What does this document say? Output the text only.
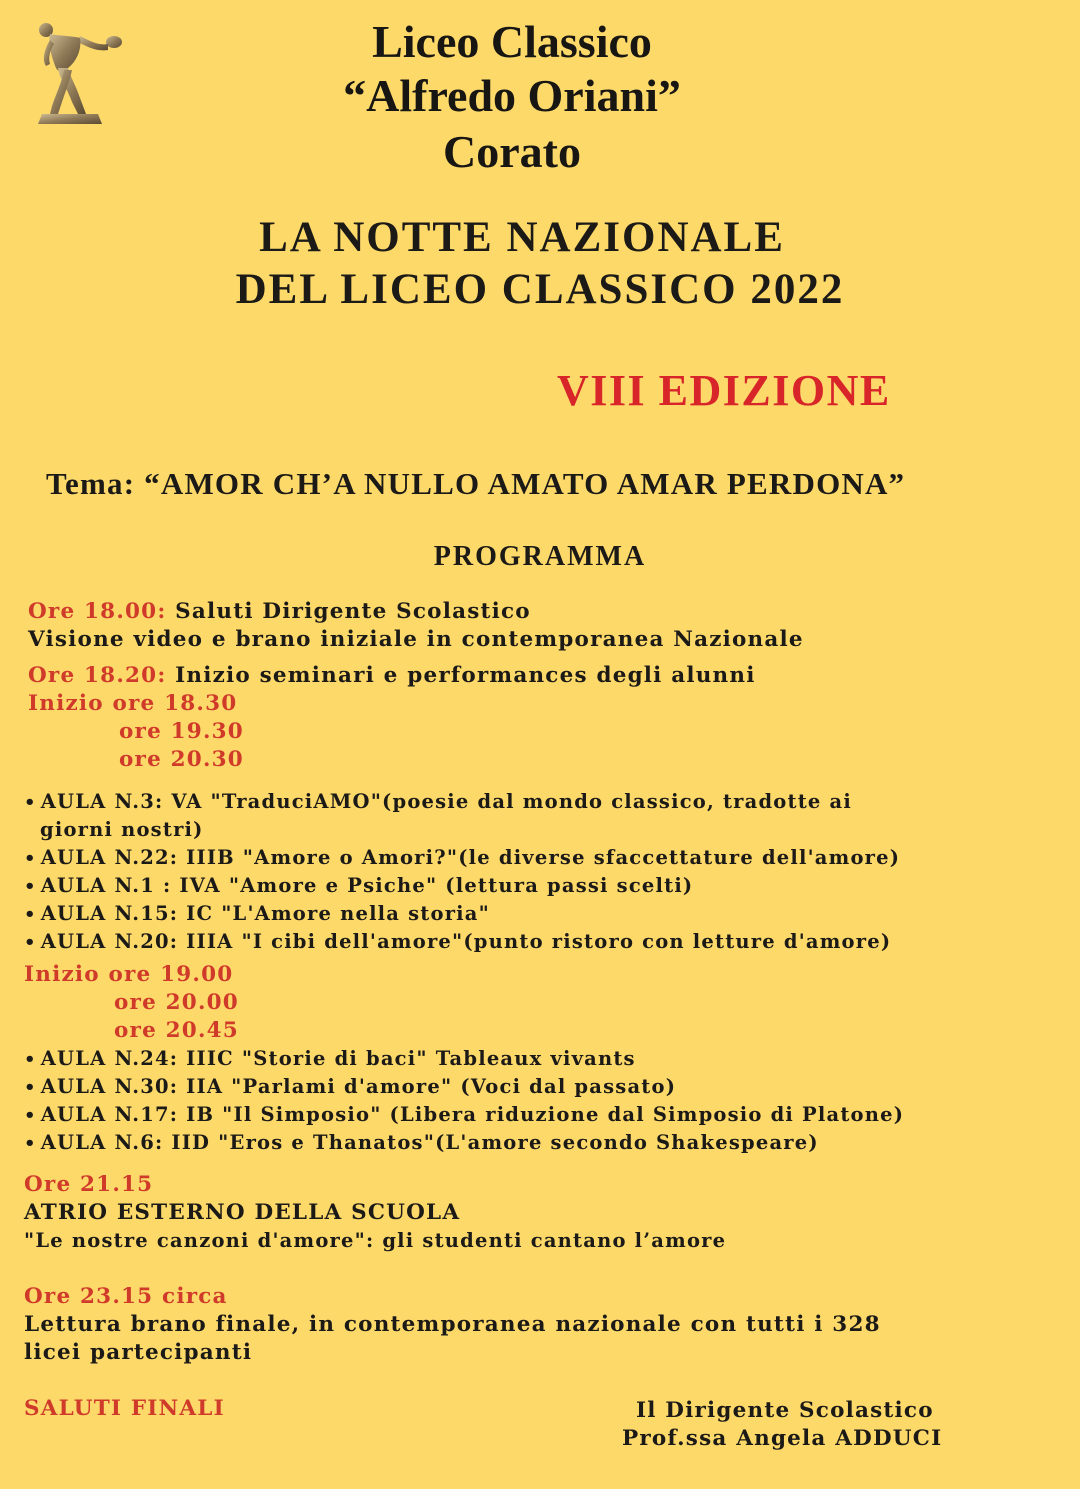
Liceo Classico

“Alfredo Oriani”

Corato

LA NOTTE NAZIONALE

DEL LICEO CLASSICO 2022

VIII EDIZIONE

Tema: “AMOR CH’A NULLO AMATO AMAR PERDONA”

PROGRAMMA

Ore 18.00: Saluti Dirigente Scolastico

Visione video e brano iniziale in contemporanea Nazionale

Ore 18.20: Inizio seminari e performances degli alunni

Inizio ore 18.30

ore 19.30

ore 20.30

• AULA N.3: VA "TraduciAMO"(poesie dal mondo classico, tradotte ai

giorni nostri)

• AULA N.22: IIIB "Amore o Amori?"(le diverse sfaccettature dell'amore)

• AULA N.1 : IVA "Amore e Psiche" (lettura passi scelti)

• AULA N.15: IC "L'Amore nella storia"

• AULA N.20: IIIA "I cibi dell'amore"(punto ristoro con letture d'amore)

Inizio ore 19.00

ore 20.00

ore 20.45

• AULA N.24: IIIC "Storie di baci" Tableaux vivants

• AULA N.30: IIA "Parlami d'amore" (Voci dal passato)

• AULA N.17: IB "Il Simposio" (Libera riduzione dal Simposio di Platone)

• AULA N.6: IID "Eros e Thanatos"(L'amore secondo Shakespeare)

Ore 21.15

ATRIO ESTERNO DELLA SCUOLA

"Le nostre canzoni d'amore": gli studenti cantano l’amore

Ore 23.15 circa

Lettura brano finale, in contemporanea nazionale con tutti i 328

licei partecipanti

SALUTI FINALI	Il Dirigente Scolastico

Prof.ssa Angela ADDUCI
